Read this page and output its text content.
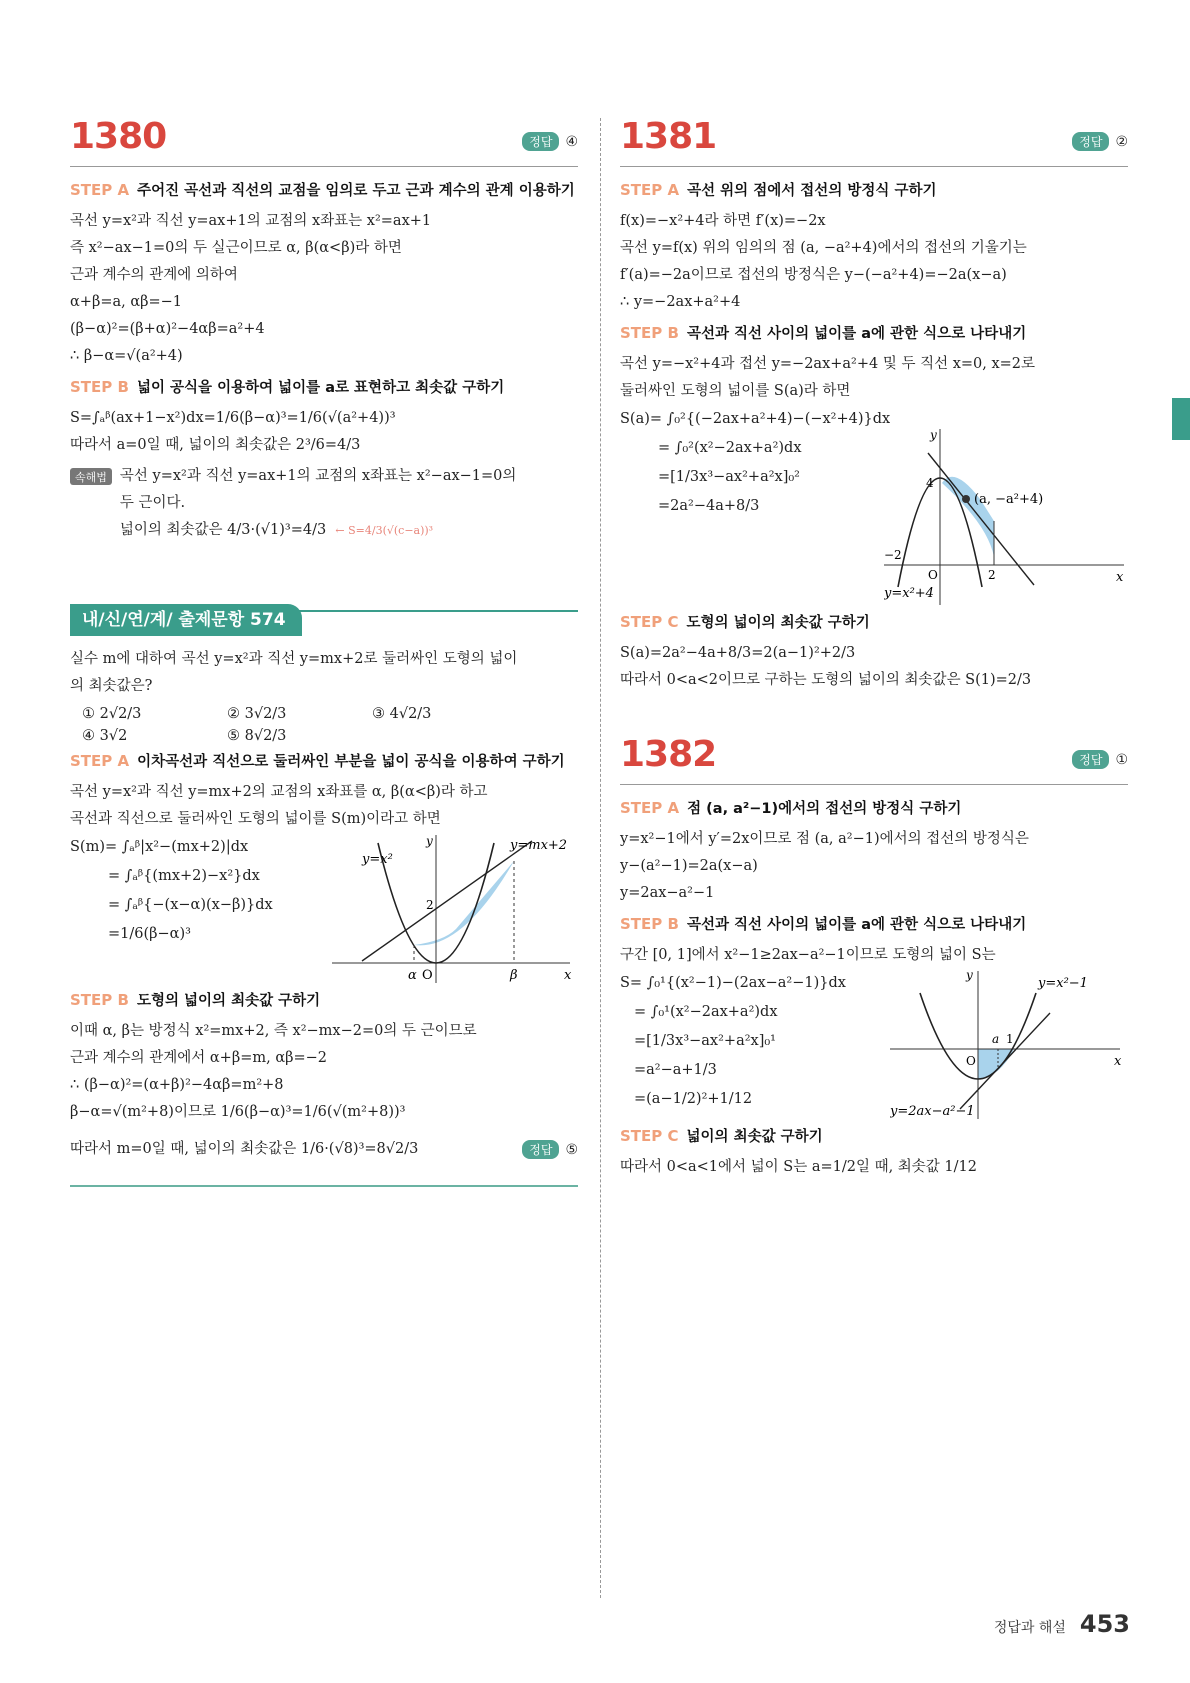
1380	정답 ④
STEP A 주어진 곡선과 직선의 교점을 임의로 두고 근과 계수의 관계 이용하기
곡선 y=x²과 직선 y=ax+1의 교점의 x좌표는 x²=ax+1
즉 x²−ax−1=0의 두 실근이므로 α, β(α<β)라 하면
근과 계수의 관계에 의하여
α+β=a, αβ=−1
(β−α)²=(β+α)²−4αβ=a²+4
∴ β−α=√(a²+4)
STEP B 넓이 공식을 이용하여 넓이를 a로 표현하고 최솟값 구하기
S=∫ₐᵝ(ax+1−x²)dx=1/6(β−α)³=1/6(√(a²+4))³
따라서 a=0일 때, 넓이의 최솟값은 2³/6=4/3
속해법 곡선 y=x²과 직선 y=ax+1의 교점의 x좌표는 x²−ax−1=0의
두 근이다.
넓이의 최솟값은 4/3·(√1)³=4/3 ← S=4/3(√(c−a))³
내/신/연/계/ 출제문항 574
실수 m에 대하여 곡선 y=x²과 직선 y=mx+2로 둘러싸인 도형의 넓이
의 최솟값은?
① 2√2/3	② 3√2/3	③ 4√2/3
④ 3√2	⑤ 8√2/3
STEP A 이차곡선과 직선으로 둘러싸인 부분을 넓이 공식을 이용하여 구하기
곡선 y=x²과 직선 y=mx+2의 교점의 x좌표를 α, β(α<β)라 하고
곡선과 직선으로 둘러싸인 도형의 넓이를 S(m)이라고 하면
S(m)= ∫ₐᵝ|x²−(mx+2)|dx
= ∫ₐᵝ{(mx+2)−x²}dx
= ∫ₐᵝ{−(x−α)(x−β)}dx
=1/6(β−α)³
y=x²
y=mx+2
y
x
α O	β
2
STEP B 도형의 넓이의 최솟값 구하기
이때 α, β는 방정식 x²=mx+2, 즉 x²−mx−2=0의 두 근이므로
근과 계수의 관계에서 α+β=m, αβ=−2
∴ (β−α)²=(α+β)²−4αβ=m²+8
β−α=√(m²+8)이므로 1/6(β−α)³=1/6(√(m²+8))³
따라서 m=0일 때, 넓이의 최솟값은 1/6·(√8)³=8√2/3	정답 ⑤
1381	정답 ②
STEP A 곡선 위의 점에서 접선의 방정식 구하기
f(x)=−x²+4라 하면 f′(x)=−2x
곡선 y=f(x) 위의 임의의 점 (a, −a²+4)에서의 접선의 기울기는
f′(a)=−2a이므로 접선의 방정식은 y−(−a²+4)=−2a(x−a)
∴ y=−2ax+a²+4
STEP B 곡선과 직선 사이의 넓이를 a에 관한 식으로 나타내기
곡선 y=−x²+4과 접선 y=−2ax+a²+4 및 두 직선 x=0, x=2로
둘러싸인 도형의 넓이를 S(a)라 하면
S(a)= ∫₀²{(−2ax+a²+4)−(−x²+4)}dx
= ∫₀²(x²−2ax+a²)dx
=[1/3x³−ax²+a²x]₀²
=2a²−4a+8/3
y
x
(a, −a²+4)
4
−2
O	2
y=x²+4
STEP C 도형의 넓이의 최솟값 구하기
S(a)=2a²−4a+8/3=2(a−1)²+2/3
따라서 0<a<2이므로 구하는 도형의 넓이의 최솟값은 S(1)=2/3
1382	정답 ①
STEP A 점 (a, a²−1)에서의 접선의 방정식 구하기
y=x²−1에서 y′=2x이므로 점 (a, a²−1)에서의 접선의 방정식은
y−(a²−1)=2a(x−a)
y=2ax−a²−1
STEP B 곡선과 직선 사이의 넓이를 a에 관한 식으로 나타내기
구간 [0, 1]에서 x²−1≥2ax−a²−1이므로 도형의 넓이 S는
S= ∫₀¹{(x²−1)−(2ax−a²−1)}dx
= ∫₀¹(x²−2ax+a²)dx
=[1/3x³−ax²+a²x]₀¹
=a²−a+1/3
=(a−1/2)²+1/12
y
x
y=x²−1
y=2ax−a²−1
O
a 1
STEP C 넓이의 최솟값 구하기
따라서 0<a<1에서 넓이 S는 a=1/2일 때, 최솟값 1/12
정답과 해설 453
